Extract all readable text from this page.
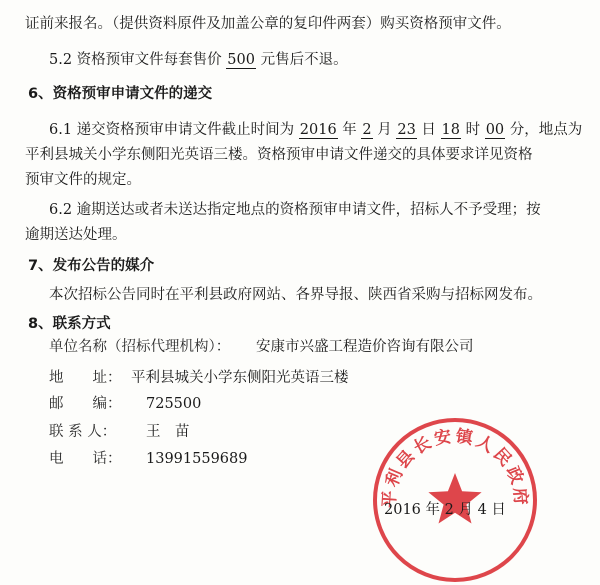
证前来报名。（提供资料原件及加盖公章的复印件两套）购买资格预审文件。
5.2 资格预审文件每套售价 500 元售后不退。
6、资格预审申请文件的递交
6.1 递交资格预审申请文件截止时间为 2016 年 2 月 23 日 18 时 00 分，地点为
平利县城关小学东侧阳光英语三楼。资格预审申请文件递交的具体要求详见资格
预审文件的规定。
6.2 逾期送达或者未送达指定地点的资格预审申请文件，招标人不予受理；按
逾期送达处理。
7、发布公告的媒介
本次招标公告同时在平利县政府网站、各界导报、陕西省采购与招标网发布。
8、联系方式
单位名称（招标代理机构）： 安康市兴盛工程造价咨询有限公司
地　　址： 平利县城关小学东侧阳光英语三楼
邮　　编： 725500
联 系 人： 王　苗
电　　话： 13991559689
平利县长安镇人民政府
2016 年 2 月 4 日
